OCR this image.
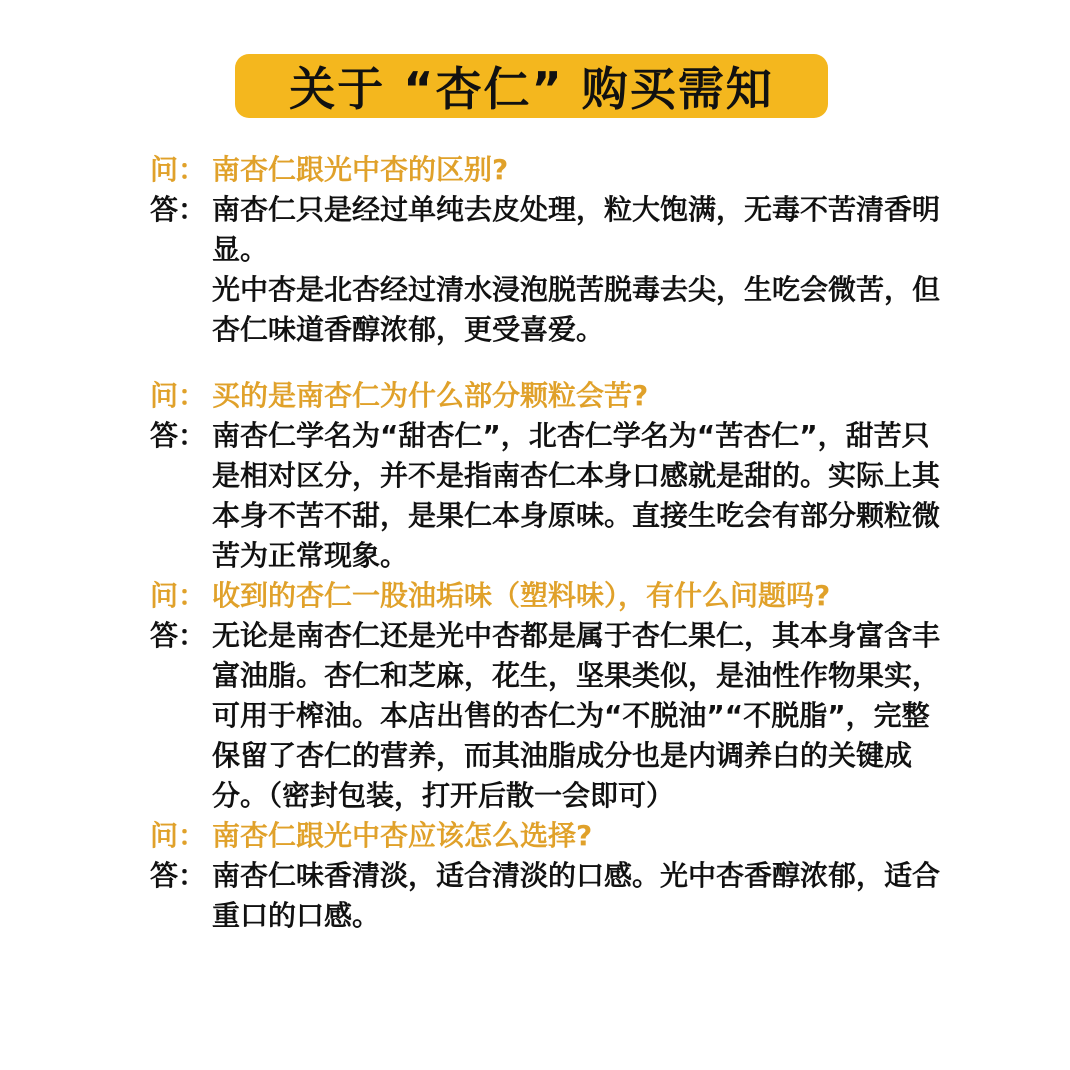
关于 “杏仁” 购买需知
问： 南杏仁跟光中杏的区别?
答： 南杏仁只是经过单纯去皮处理，粒大饱满，无毒不苦清香明显。
光中杏是北杏经过清水浸泡脱苦脱毒去尖，生吃会微苦，但杏仁味道香醇浓郁，更受喜爱。
问： 买的是南杏仁为什么部分颗粒会苦?
答： 南杏仁学名为“甜杏仁”，北杏仁学名为“苦杏仁”，甜苦只是相对区分，并不是指南杏仁本身口感就是甜的。实际上其本身不苦不甜，是果仁本身原味。直接生吃会有部分颗粒微苦为正常现象。
问： 收到的杏仁一股油垢味（塑料味），有什么问题吗?
答： 无论是南杏仁还是光中杏都是属于杏仁果仁，其本身富含丰富油脂。杏仁和芝麻，花生，坚果类似，是油性作物果实，可用于榨油。本店出售的杏仁为“不脱油”“不脱脂”，完整保留了杏仁的营养，而其油脂成分也是内调养白的关键成分。（密封包装，打开后散一会即可）
问： 南杏仁跟光中杏应该怎么选择?
答： 南杏仁味香清淡，适合清淡的口感。光中杏香醇浓郁，适合重口的口感。
